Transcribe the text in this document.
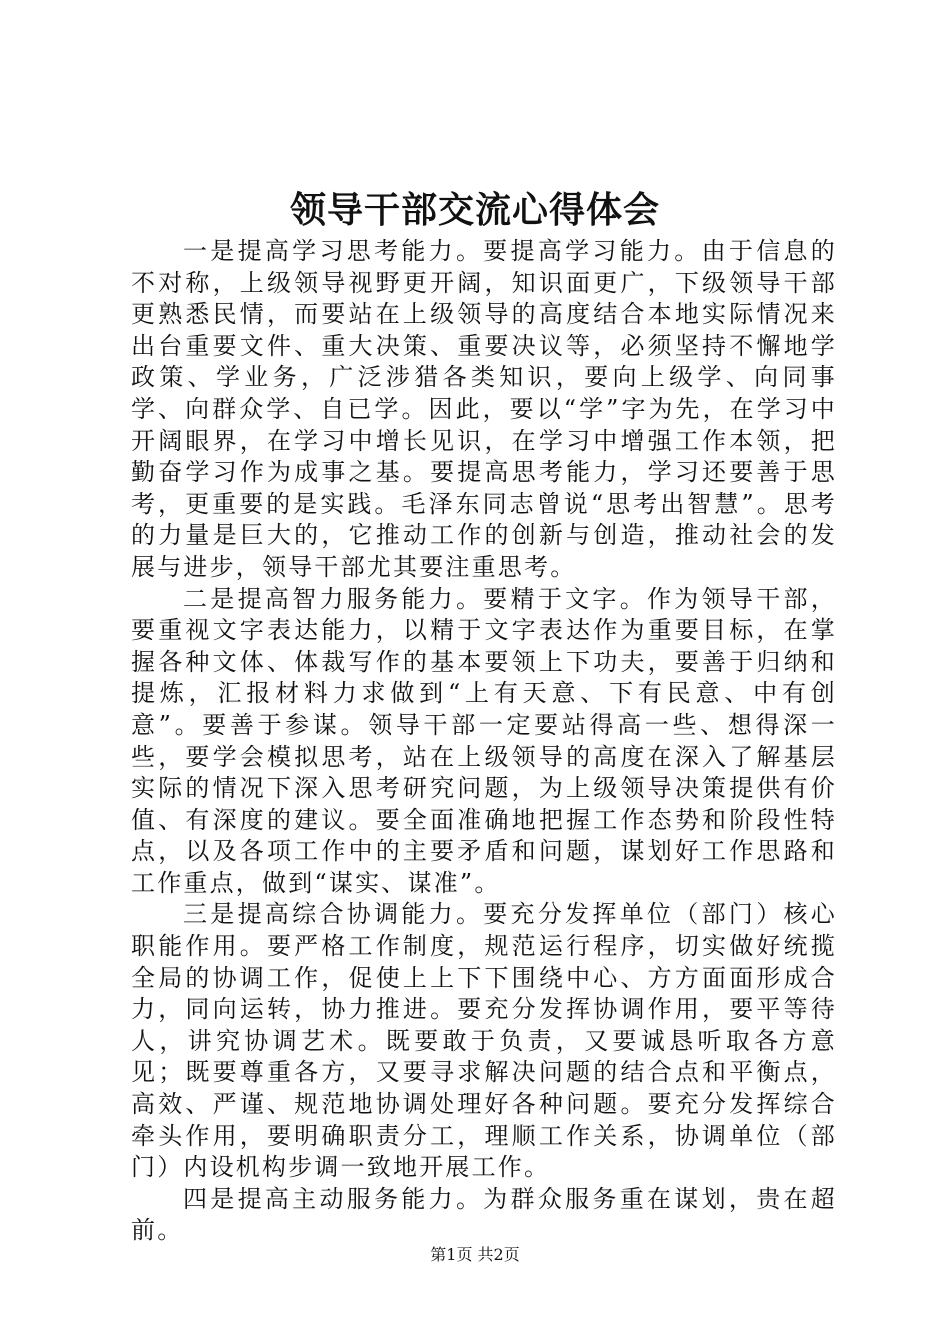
领导干部交流心得体会

一是提高学习思考能力。要提高学习能力。由于信息的不对称，上级领导视野更开阔，知识面更广，下级领导干部更熟悉民情，而要站在上级领导的高度结合本地实际情况来出台重要文件、重大决策、重要决议等，必须坚持不懈地学政策、学业务，广泛涉猎各类知识，要向上级学、向同事学、向群众学、自已学。因此，要以“学”字为先，在学习中开阔眼界，在学习中增长见识，在学习中增强工作本领，把勤奋学习作为成事之基。要提高思考能力，学习还要善于思考，更重要的是实践。毛泽东同志曾说“思考出智慧”。思考的力量是巨大的，它推动工作的创新与创造，推动社会的发展与进步，领导干部尤其要注重思考。

二是提高智力服务能力。要精于文字。作为领导干部，要重视文字表达能力，以精于文字表达作为重要目标，在掌握各种文体、体裁写作的基本要领上下功夫，要善于归纳和提炼，汇报材料力求做到“上有天意、下有民意、中有创意”。要善于参谋。领导干部一定要站得高一些、想得深一些，要学会模拟思考，站在上级领导的高度在深入了解基层实际的情况下深入思考研究问题，为上级领导决策提供有价值、有深度的建议。要全面准确地把握工作态势和阶段性特点，以及各项工作中的主要矛盾和问题，谋划好工作思路和工作重点，做到“谋实、谋准”。

三是提高综合协调能力。要充分发挥单位（部门）核心职能作用。要严格工作制度，规范运行程序，切实做好统揽全局的协调工作，促使上上下下围绕中心、方方面面形成合力，同向运转，协力推进。要充分发挥协调作用，要平等待人，讲究协调艺术。既要敢于负责，又要诚恳听取各方意见；既要尊重各方，又要寻求解决问题的结合点和平衡点，高效、严谨、规范地协调处理好各种问题。要充分发挥综合牵头作用，要明确职责分工，理顺工作关系，协调单位（部门）内设机构步调一致地开展工作。

四是提高主动服务能力。为群众服务重在谋划，贵在超前。

第1页 共2页
